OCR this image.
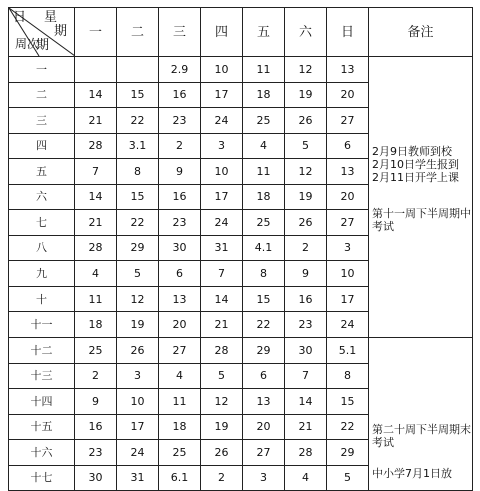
日 星
期
期
周次	一	二	三	四	五	六	日	备注
一			2.9	10	11	12	13	2月9日教师到校
2月10日学生报到
2月11日开学上课
第十一周下半周期中考试

二	14	15	16	17	18	19	20	
三	21	22	23	24	25	26	27	
四	28	3.1	2	3	4	5	6	
五	7	8	9	10	11	12	13	
六	14	15	16	17	18	19	20	
七	21	22	23	24	25	26	27	
八	28	29	30	31	4.1	2	3	
九	4	5	6	7	8	9	10	
十	11	12	13	14	15	16	17	
十一	18	19	20	21	22	23	24	
十二	25	26	27	28	29	30	5.1	第二十周下半周期末考试
中小学7月1日放

十三	2	3	4	5	6	7	8	
十四	9	10	11	12	13	14	15	
十五	16	17	18	19	20	21	22	
十六	23	24	25	26	27	28	29	
十七	30	31	6.1	2	3	4	5	
